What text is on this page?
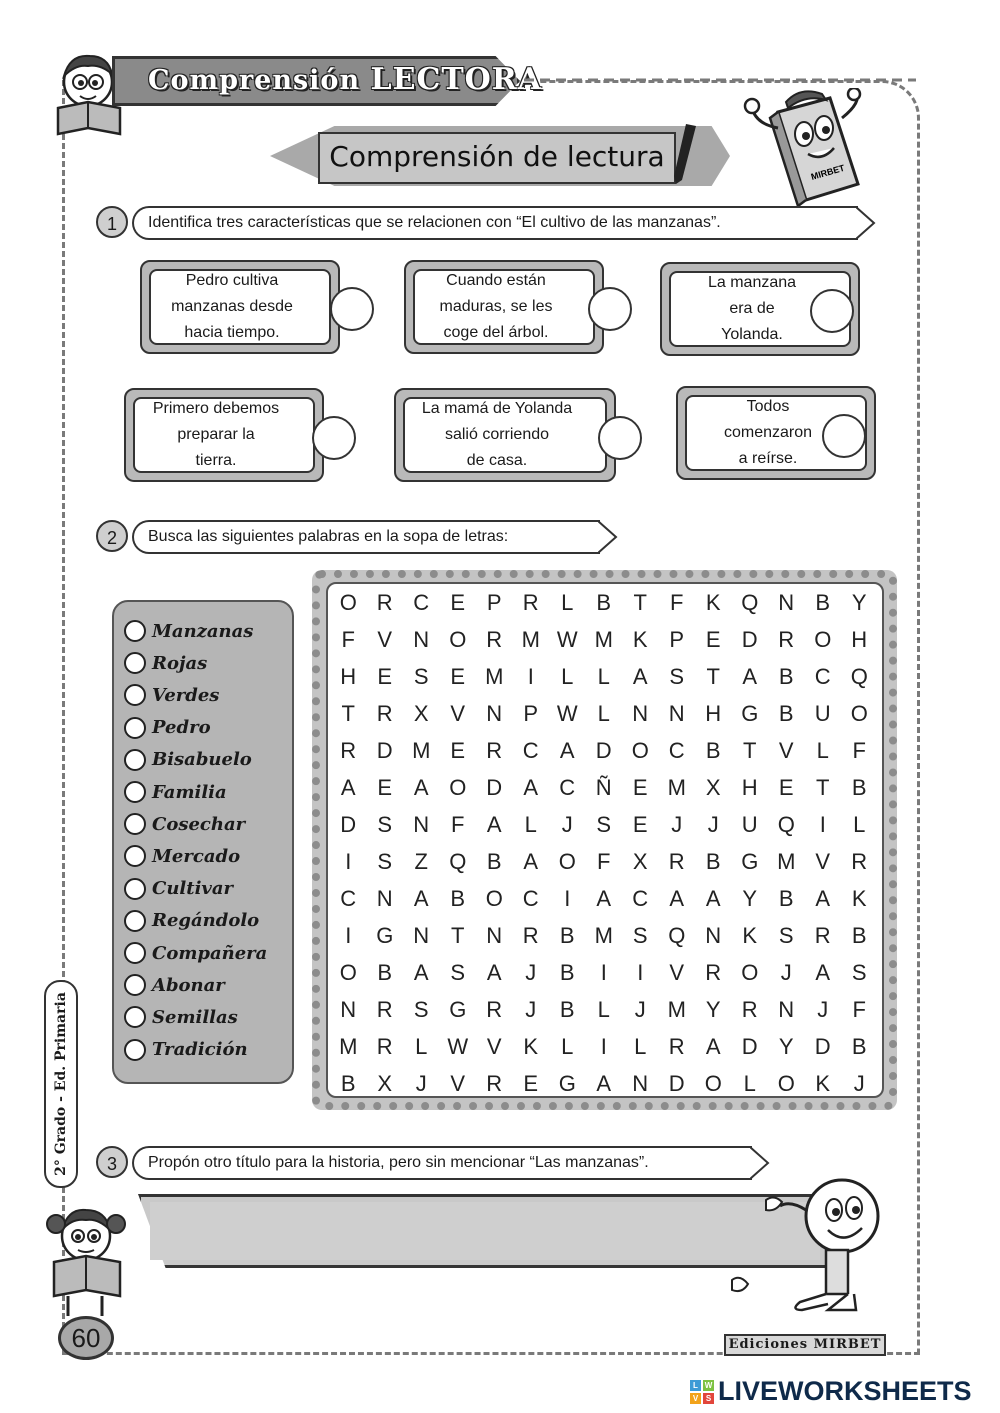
Comprensión LECTORA
Comprensión de lectura	MIRBET
1	Identifica tres características que se relacionen con “El cultivo de las manzanas”.
Pedro cultiva
manzanas desde
hacia tiempo.
Cuando están
maduras, se les
coge del árbol.
La manzana
era de
Yolanda.
Primero debemos
preparar la
tierra.
La mamá de Yolanda
salió corriendo
de casa.
Todos
comenzaron
a reírse.
2	Busca las siguientes palabras en la sopa de letras:
Manzanas
Rojas
Verdes
Pedro
Bisabuelo
Familia
Cosechar
Mercado
Cultivar
Regándolo
Compañera
Abonar
Semillas
Tradición
O R C E P R	L	B	T	F	K Q N B Y
F	V N O R M W M K P E D R O H
H E S E M	I	L	L	A S	T	A B C Q
T R X V N P W L	N N H G B U O
R D M E R C A D O C B	T	V	L	F
A E A O D A C Ñ E M X H E	T	B
D S N F	A	L	J	S E	J	J	U Q	I	L
I	S	Z Q B A O F	X R B G M V R
C N A B O C	I	A C A A Y B A K
I	G N T N R B M S Q N K S R B
O B A S A	J	B	I	I	V R O	J	A S
N R S G R	J	B	L	J M Y R N	J	F
M R	L W V K	L	I	L	R A D Y D B
B X	J	V R E G A N D O L O K	J
3	Propón otro título para la historia, pero sin mencionar “Las manzanas”.
2° Grado - Ed. Primaria
60	Ediciones MIRBET
L W
V S LIVEWORKSHEETS
